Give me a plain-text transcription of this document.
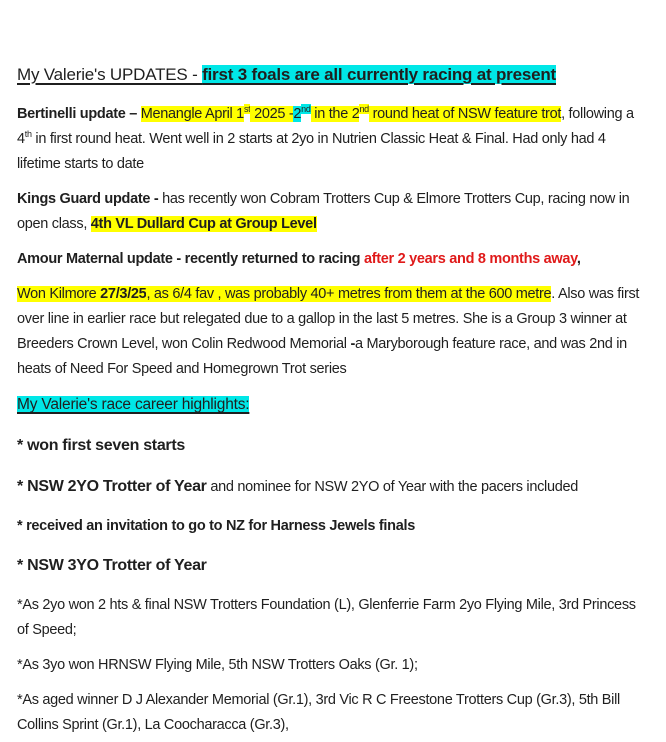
My Valerie's UPDATES - first 3 foals are all currently racing at present
Bertinelli update – Menangle April 1st 2025 -2nd in the 2nd round heat of NSW feature trot, following a 4th in first round heat. Went well in 2 starts at 2yo in Nutrien Classic Heat & Final. Had only had 4 lifetime starts to date
Kings Guard update - has recently won Cobram Trotters Cup & Elmore Trotters Cup, racing now in open class, 4th VL Dullard Cup at Group Level
Amour Maternal update - recently returned to racing after 2 years and 8 months away,
Won Kilmore 27/3/25, as 6/4 fav , was probably 40+ metres from them at the 600 metre. Also was first over line in earlier race but relegated due to a gallop in the last 5 metres. She is a Group 3 winner at Breeders Crown Level, won Colin Redwood Memorial -a Maryborough feature race, and was 2nd in heats of Need For Speed and Homegrown Trot series
My Valerie's race career highlights:
* won first seven starts
* NSW 2YO Trotter of Year and nominee for NSW 2YO of Year with the pacers included
* received an invitation to go to NZ for Harness Jewels finals
* NSW 3YO Trotter of Year
*As 2yo won 2 hts & final NSW Trotters Foundation (L), Glenferrie Farm 2yo Flying Mile, 3rd Princess of Speed;
*As 3yo won HRNSW Flying Mile, 5th NSW Trotters Oaks (Gr. 1);
*As aged winner D J Alexander Memorial (Gr.1), 3rd Vic R C Freestone Trotters Cup (Gr.3), 5th Bill Collins Sprint (Gr.1), La Coocharacca (Gr.3),
